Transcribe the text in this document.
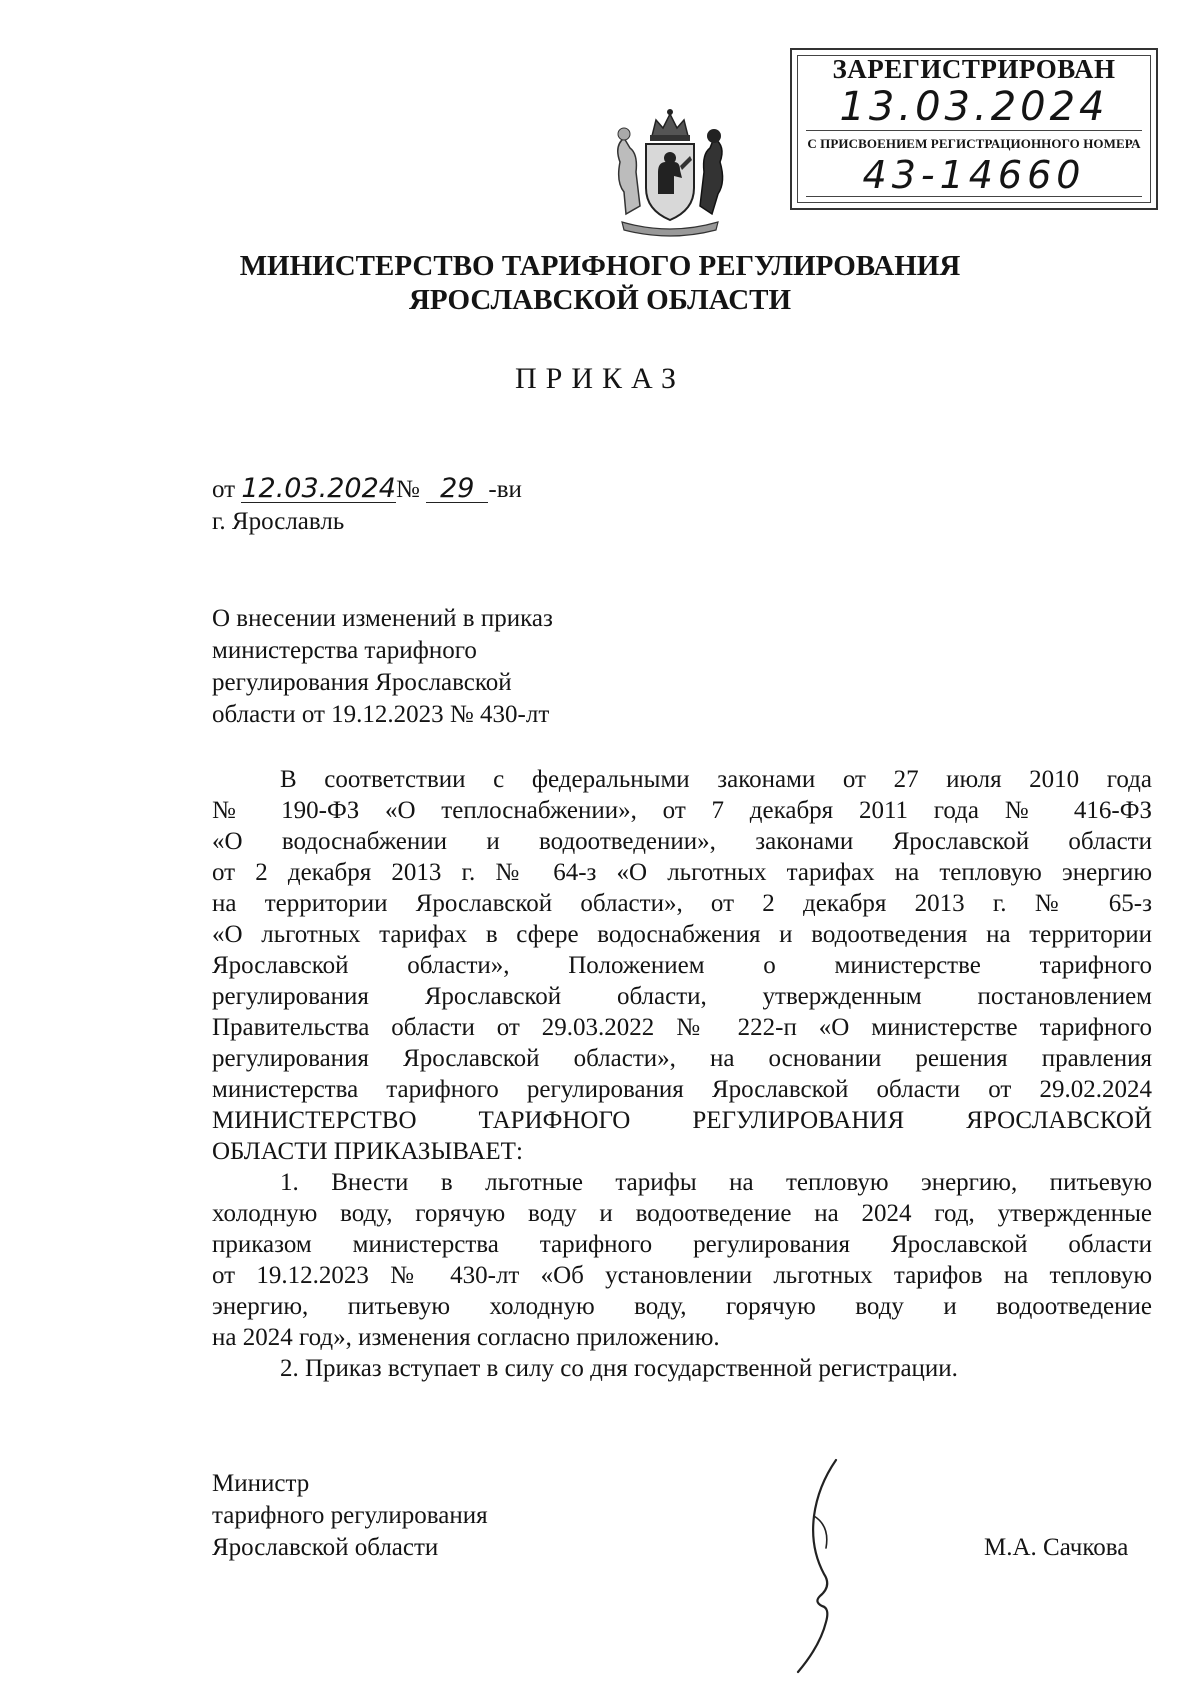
ЗАРЕГИСТРИРОВАН
13.03.2024
С ПРИСВОЕНИЕМ РЕГИСТРАЦИОННОГО НОМЕРА
43-14660
МИНИСТЕРСТВО ТАРИФНОГО РЕГУЛИРОВАНИЯ
ЯРОСЛАВСКОЙ ОБЛАСТИ
ПРИКАЗ
от 12.03.2024№ 29 -ви
г. Ярославль
О внесении изменений в приказ
министерства тарифного
регулирования Ярославской
области от 19.12.2023 № 430-лт
В соответствии с федеральными законами от 27 июля 2010 года
№ 190-ФЗ «О теплоснабжении», от 7 декабря 2011 года № 416-ФЗ
«О водоснабжении и водоотведении», законами Ярославской области
от 2 декабря 2013 г. № 64-з «О льготных тарифах на тепловую энергию
на территории Ярославской области», от 2 декабря 2013 г. № 65-з
«О льготных тарифах в сфере водоснабжения и водоотведения на территории
Ярославской области», Положением о министерстве тарифного
регулирования Ярославской области, утвержденным постановлением
Правительства области от 29.03.2022 № 222-п «О министерстве тарифного
регулирования Ярославской области», на основании решения правления
министерства тарифного регулирования Ярославской области от 29.02.2024
МИНИСТЕРСТВО ТАРИФНОГО РЕГУЛИРОВАНИЯ ЯРОСЛАВСКОЙ
ОБЛАСТИ ПРИКАЗЫВАЕТ:
1. Внести в льготные тарифы на тепловую энергию, питьевую
холодную воду, горячую воду и водоотведение на 2024 год, утвержденные
приказом министерства тарифного регулирования Ярославской области
от 19.12.2023 № 430-лт «Об установлении льготных тарифов на тепловую
энергию, питьевую холодную воду, горячую воду и водоотведение
на 2024 год», изменения согласно приложению.
2. Приказ вступает в силу со дня государственной регистрации.
Министр
тарифного регулирования
Ярославской области	М.А. Сачкова
